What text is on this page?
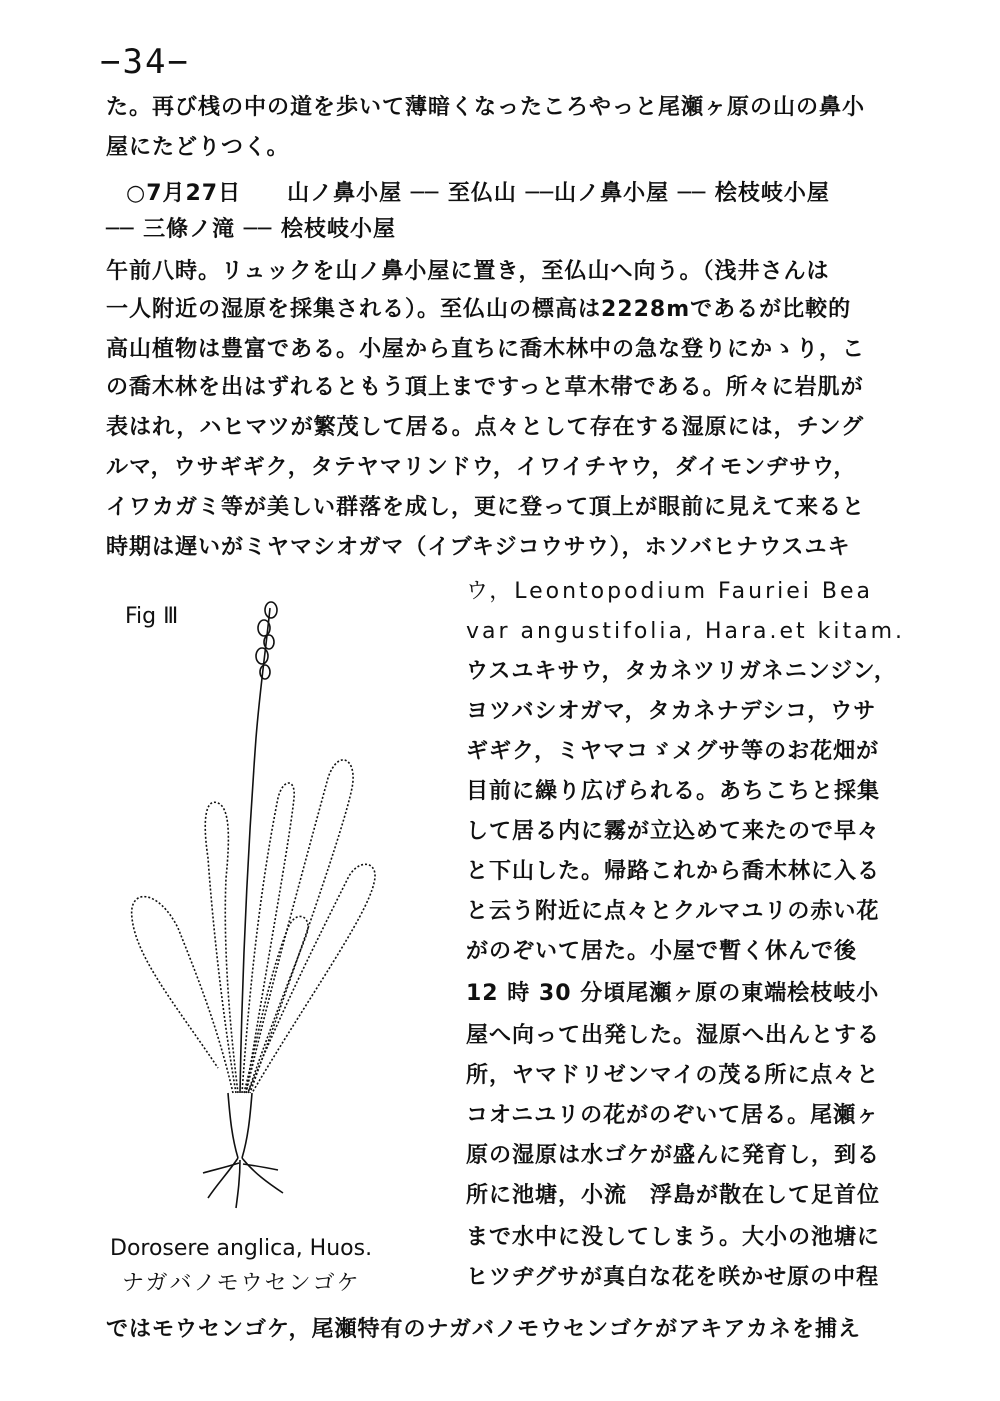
−34−
た。再び桟の中の道を歩いて薄暗くなったころやっと尾瀬ヶ原の山の鼻小
屋にたどりつく。
○7月27日　　山ノ鼻小屋 ── 至仏山 ──山ノ鼻小屋 ── 桧枝岐小屋
── 三條ノ滝 ── 桧枝岐小屋
午前八時。リュックを山ノ鼻小屋に置き，至仏山へ向う。（浅井さんは
一人附近の湿原を採集される）。至仏山の標高は2228mであるが比較的
高山植物は豊富である。小屋から直ちに喬木林中の急な登りにかゝり，こ
の喬木林を出はずれるともう頂上まですっと草木帯である。所々に岩肌が
表はれ，ハヒマツが繁茂して居る。点々として存在する湿原には，チング
ルマ，ウサギギク，タテヤマリンドウ，イワイチヤウ，ダイモンヂサウ，
イワカガミ等が美しい群落を成し，更に登って頂上が眼前に見えて来ると
時期は遅いがミヤマシオガマ（イブキジコウサウ），ホソバヒナウスユキ
ウ，Leontopodium Fauriei Bea
var angustifolia, Hara.et kitam.
ウスユキサウ，タカネツリガネニンジン，
ヨツバシオガマ，タカネナデシコ，ウサ
ギギク，ミヤマコゞメグサ等のお花畑が
目前に繰り広げられる。あちこちと採集
して居る内に霧が立込めて来たので早々
と下山した。帰路これから喬木林に入る
と云う附近に点々とクルマユリの赤い花
がのぞいて居た。小屋で暫く休んで後
12 時 30 分頃尾瀬ヶ原の東端桧枝岐小
屋へ向って出発した。湿原へ出んとする
所，ヤマドリゼンマイの茂る所に点々と
コオニユリの花がのぞいて居る。尾瀬ヶ
原の湿原は水ゴケが盛んに発育し，到る
所に池塘，小流　浮島が散在して足首位
まで水中に没してしまう。大小の池塘に
ヒツヂグサが真白な花を咲かせ原の中程
ではモウセンゴケ，尾瀬特有のナガバノモウセンゴケがアキアカネを捕え
Fig Ⅲ
Dorosere anglica, Huos.
ナガバノモウセンゴケ
